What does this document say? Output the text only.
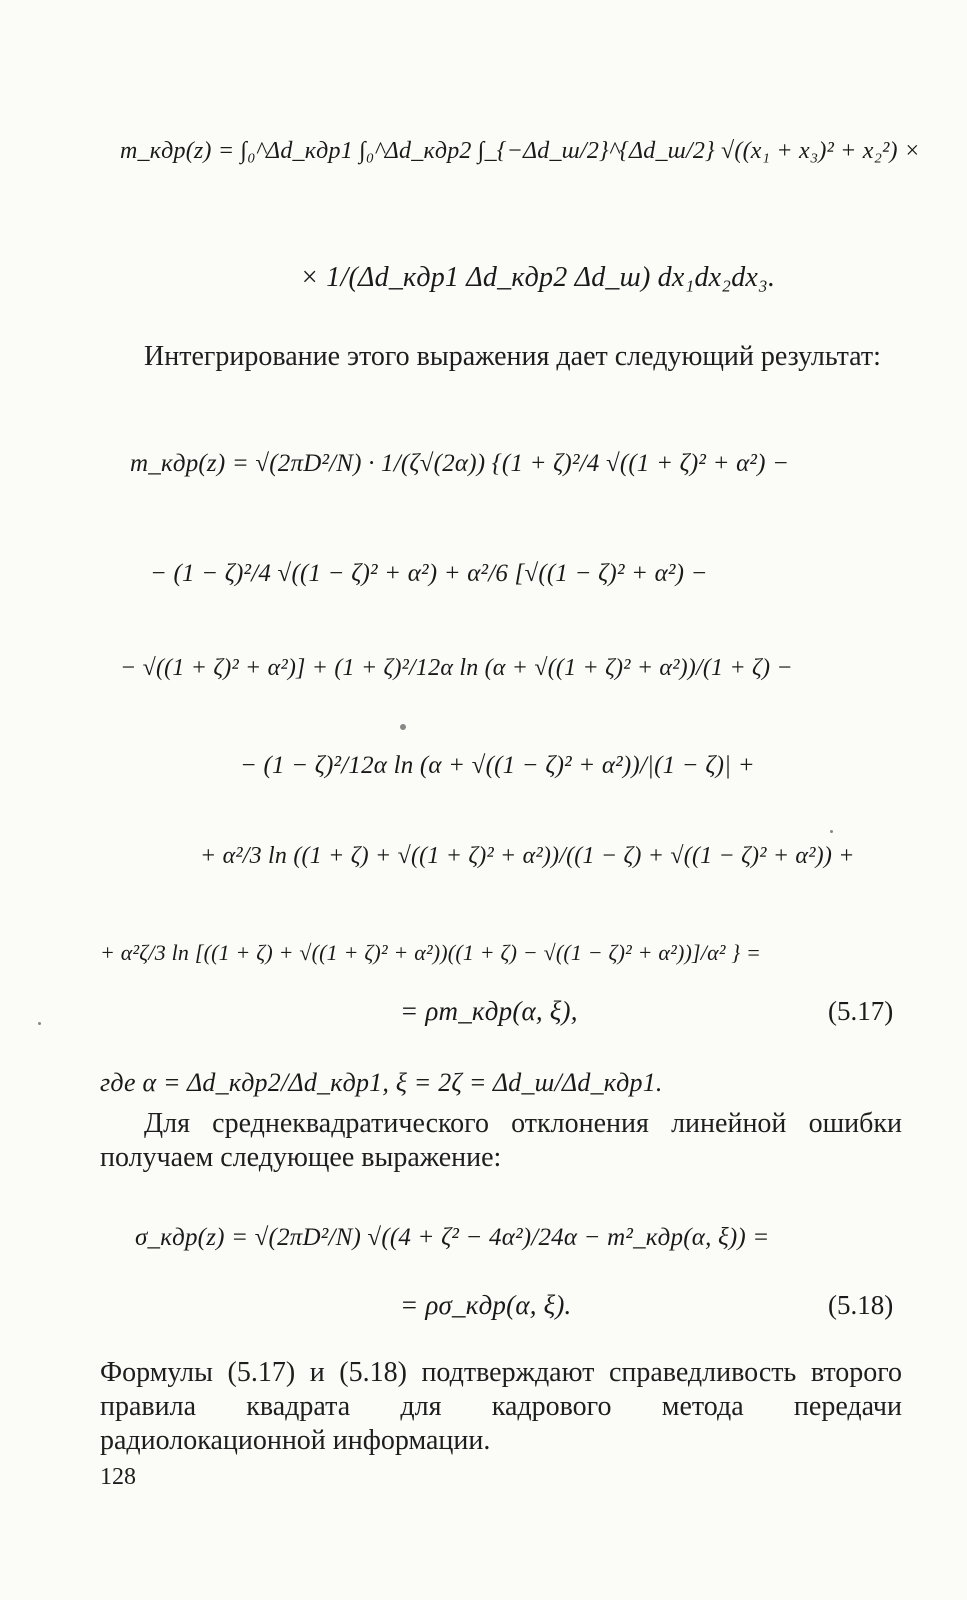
m_кдр(z) = ∫₀^Δd_кдр1 ∫₀^Δd_кдр2 ∫_{−Δd_ш/2}^{Δd_ш/2} √((x₁ + x₃)² + x₂²) ×
× 1/(Δd_кдр1 Δd_кдр2 Δd_ш) dx₁dx₂dx₃.
Интегрирование этого выражения дает следующий результат:
m_кдр(z) = √(2πD²/N) · 1/(ζ√(2α)) {(1 + ζ)²/4 √((1 + ζ)² + α²) −
− (1 − ζ)²/4 √((1 − ζ)² + α²) + α²/6 [√((1 − ζ)² + α²) −
− √((1 + ζ)² + α²)] + (1 + ζ)²/12α ln (α + √((1 + ζ)² + α²))/(1 + ζ) −
− (1 − ζ)²/12α ln (α + √((1 − ζ)² + α²))/|(1 − ζ)| +
+ α²/3 ln ((1 + ζ) + √((1 + ζ)² + α²))/((1 − ζ) + √((1 − ζ)² + α²)) +
+ α²ζ/3 ln [((1 + ζ) + √((1 + ζ)² + α²))((1 + ζ) − √((1 − ζ)² + α²))]/α² } =
= ρm_кдр(α, ξ),	(5.17)
где α = Δd_кдр2/Δd_кдр1, ξ = 2ζ = Δd_ш/Δd_кдр1.
Для среднеквадратического отклонения линейной ошибки получаем следующее выражение:
σ_кдр(z) = √(2πD²/N) √((4 + ζ² − 4α²)/24α − m²_кдр(α, ξ)) =
= ρσ_кдр(α, ξ).	(5.18)
Формулы (5.17) и (5.18) подтверждают справедливость второго правила квадрата для кадрового метода передачи радиолокационной информации.
128
